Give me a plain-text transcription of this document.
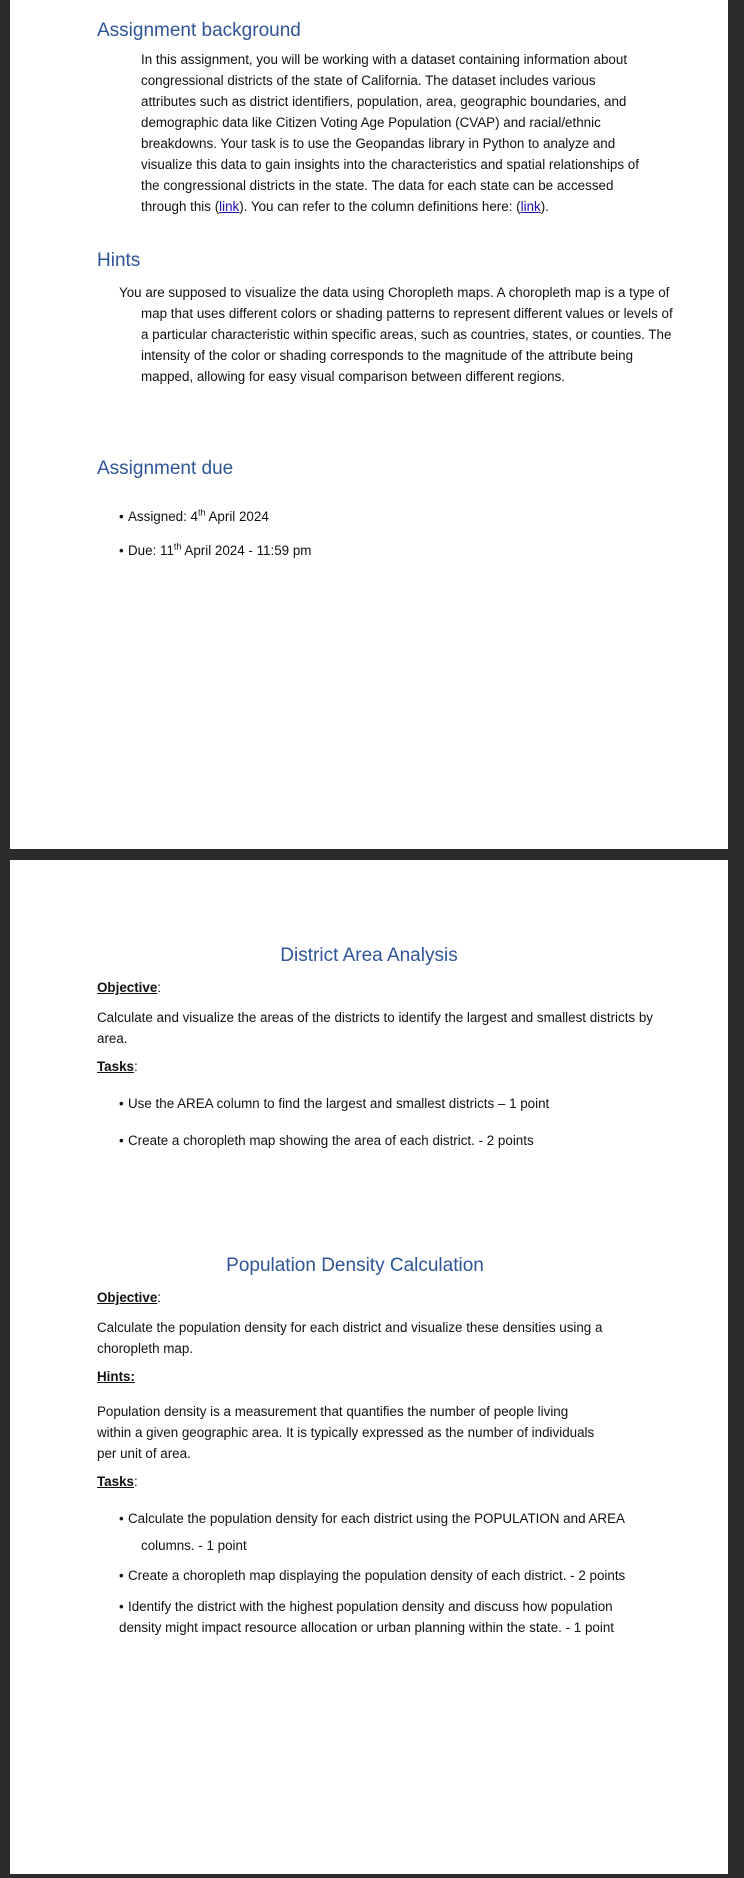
Assignment background
In this assignment, you will be working with a dataset containing information about congressional districts of the state of California. The dataset includes various attributes such as district identifiers, population, area, geographic boundaries, and demographic data like Citizen Voting Age Population (CVAP) and racial/ethnic breakdowns. Your task is to use the Geopandas library in Python to analyze and visualize this data to gain insights into the characteristics and spatial relationships of the congressional districts in the state. The data for each state can be accessed through this (link). You can refer to the column definitions here: (link).
Hints
You are supposed to visualize the data using Choropleth maps. A choropleth map is a type of map that uses different colors or shading patterns to represent different values or levels of a particular characteristic within specific areas, such as countries, states, or counties. The intensity of the color or shading corresponds to the magnitude of the attribute being mapped, allowing for easy visual comparison between different regions.
Assignment due
• Assigned: 4th April 2024
• Due: 11th April 2024 - 11:59 pm
District Area Analysis
Objective:
Calculate and visualize the areas of the districts to identify the largest and smallest districts by area.
Tasks:
• Use the AREA column to find the largest and smallest districts – 1 point
• Create a choropleth map showing the area of each district. - 2 points
Population Density Calculation
Objective:
Calculate the population density for each district and visualize these densities using a choropleth map.
Hints:
Population density is a measurement that quantifies the number of people living
within a given geographic area. It is typically expressed as the number of individuals
per unit of area.
Tasks:
• Calculate the population density for each district using the POPULATION and AREA
columns. - 1 point
• Create a choropleth map displaying the population density of each district. - 2 points
• Identify the district with the highest population density and discuss how population
density might impact resource allocation or urban planning within the state. - 1 point
